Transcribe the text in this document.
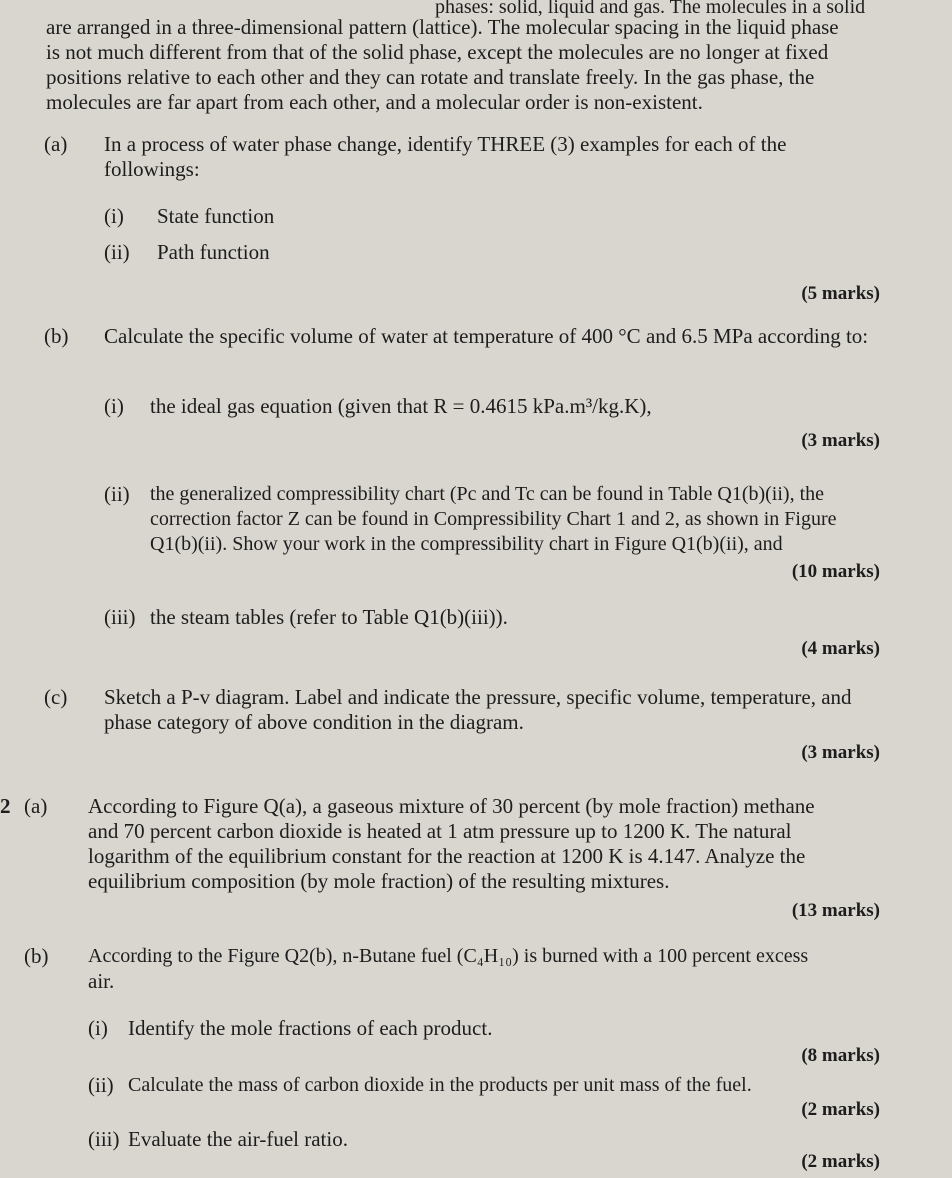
phases: solid, liquid and gas. The molecules in a solid
are arranged in a three-dimensional pattern (lattice). The molecular spacing in the liquid phase
is not much different from that of the solid phase, except the molecules are no longer at fixed
positions relative to each other and they can rotate and translate freely. In the gas phase, the
molecules are far apart from each other, and a molecular order is non-existent.
(a) In a process of water phase change, identify THREE (3) examples for each of the
followings:
(i) State function
(ii) Path function
(5 marks)
(b) Calculate the specific volume of water at temperature of 400 °C and 6.5 MPa according to:
(i) the ideal gas equation (given that R = 0.4615 kPa.m³/kg.K),
(3 marks)
(ii) the generalized compressibility chart (Pc and Tc can be found in Table Q1(b)(ii), the
correction factor Z can be found in Compressibility Chart 1 and 2, as shown in Figure
Q1(b)(ii). Show your work in the compressibility chart in Figure Q1(b)(ii), and
(10 marks)
(iii) the steam tables (refer to Table Q1(b)(iii)).
(4 marks)
(c) Sketch a P-v diagram. Label and indicate the pressure, specific volume, temperature, and
phase category of above condition in the diagram.
(3 marks)
2 (a) According to Figure Q(a), a gaseous mixture of 30 percent (by mole fraction) methane
and 70 percent carbon dioxide is heated at 1 atm pressure up to 1200 K. The natural
logarithm of the equilibrium constant for the reaction at 1200 K is 4.147. Analyze the
equilibrium composition (by mole fraction) of the resulting mixtures.
(13 marks)
(b) According to the Figure Q2(b), n-Butane fuel (C₄H₁₀) is burned with a 100 percent excess
air.
(i) Identify the mole fractions of each product.
(8 marks)
(ii) Calculate the mass of carbon dioxide in the products per unit mass of the fuel.
(2 marks)
(iii) Evaluate the air-fuel ratio.
(2 marks)
